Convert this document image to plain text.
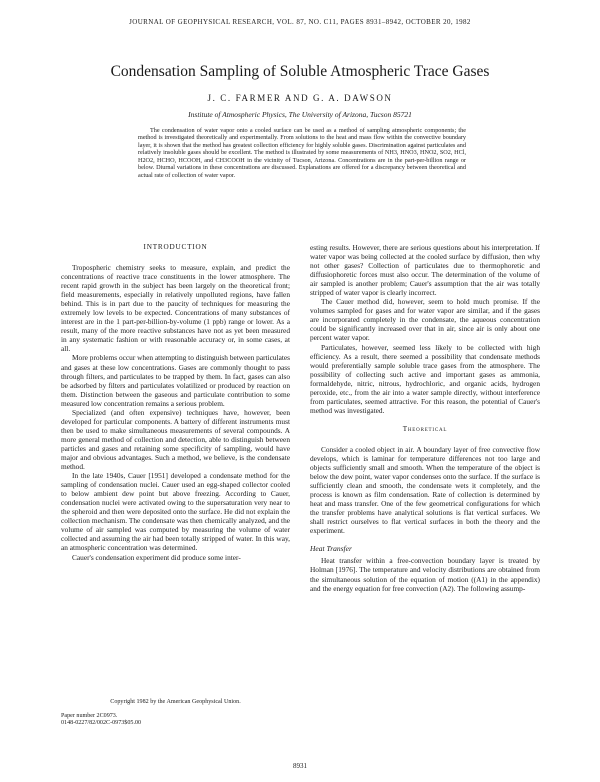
JOURNAL OF GEOPHYSICAL RESEARCH, VOL. 87, NO. C11, PAGES 8931–8942, OCTOBER 20, 1982
Condensation Sampling of Soluble Atmospheric Trace Gases
J. C. FARMER AND G. A. DAWSON
Institute of Atmospheric Physics, The University of Arizona, Tucson 85721

The condensation of water vapor onto a cooled surface can be used as a method of sampling atmospheric components; the method is investigated theoretically and experimentally. From solutions to the heat and mass flow within the convective boundary layer, it is shown that the method has greatest collection efficiency for highly soluble gases. Discrimination against particulates and relatively insoluble gases should be excellent. The method is illustrated by some measurements of NH3, HNO3, HNO2, SO2, HCl, H2O2, HCHO, HCOOH, and CH3COOH in the vicinity of Tucson, Arizona. Concentrations are in the part-per-billion range or below. Diurnal variations in these concentrations are discussed. Explanations are offered for a discrepancy between theoretical and actual rate of collection of water vapor.

INTRODUCTION

Tropospheric chemistry seeks to measure, explain, and predict the concentrations of reactive trace constituents in the lower atmosphere. The recent rapid growth in the subject has been largely on the theoretical front; field measurements, especially in relatively unpolluted regions, have fallen behind. This is in part due to the paucity of techniques for measuring the extremely low levels to be expected. Concentrations of many substances of interest are in the 1 part-per-billion-by-volume (1 ppb) range or lower. As a result, many of the more reactive substances have not as yet been measured in any systematic fashion or with reasonable accuracy or, in some cases, at all.

More problems occur when attempting to distinguish between particulates and gases at these low concentrations. Gases are commonly thought to pass through filters, and particulates to be trapped by them. In fact, gases can also be adsorbed by filters and particulates volatilized or produced by reaction on them. Distinction between the gaseous and particulate contribution to some measured low concentration remains a serious problem.

Specialized (and often expensive) techniques have, however, been developed for particular components. A battery of different instruments must then be used to make simultaneous measurements of several compounds. A more general method of collection and detection, able to distinguish between particles and gases and retaining some specificity of sampling, would have major and obvious advantages. Such a method, we believe, is the condensate method.

In the late 1940s, Cauer [1951] developed a condensate method for the sampling of condensation nuclei. Cauer used an egg-shaped collector cooled to below ambient dew point but above freezing. According to Cauer, condensation nuclei were activated owing to the supersaturation very near to the spheroid and then were deposited onto the surface. He did not explain the collection mechanism. The condensate was then chemically analyzed, and the volume of air sampled was computed by measuring the volume of water collected and assuming the air had been totally stripped of water. In this way, an atmospheric concentration was determined.

Cauer's condensation experiment did produce some inter-

esting results. However, there are serious questions about his interpretation. If water vapor was being collected at the cooled surface by diffusion, then why not other gases? Collection of particulates due to thermophoretic and diffusiophoretic forces must also occur. The determination of the volume of air sampled is another problem; Cauer's assumption that the air was totally stripped of water vapor is clearly incorrect.

The Cauer method did, however, seem to hold much promise. If the volumes sampled for gases and for water vapor are similar, and if the gases are incorporated completely in the condensate, the aqueous concentration could be significantly increased over that in air, since air is only about one percent water vapor.

Particulates, however, seemed less likely to be collected with high efficiency. As a result, there seemed a possibility that condensate methods would preferentially sample soluble trace gases from the atmosphere. The possibility of collecting such active and important gases as ammonia, formaldehyde, nitric, nitrous, hydrochloric, and organic acids, hydrogen peroxide, etc., from the air into a water sample directly, without interference from particulates, seemed attractive. For this reason, the potential of Cauer's method was investigated.

Theoretical

Consider a cooled object in air. A boundary layer of free convective flow develops, which is laminar for temperature differences not too large and objects sufficiently small and smooth. When the temperature of the object is below the dew point, water vapor condenses onto the surface. If the surface is sufficiently clean and smooth, the condensate wets it completely, and the process is known as film condensation. Rate of collection is determined by heat and mass transfer. One of the few geometrical configurations for which the transfer problems have analytical solutions is flat vertical surfaces. We shall restrict ourselves to flat vertical surfaces in both the theory and the experiment.

Heat Transfer

Heat transfer within a free-convection boundary layer is treated by Holman [1976]. The temperature and velocity distributions are obtained from the simultaneous solution of the equation of motion ((A1) in the appendix) and the energy equation for free convection (A2). The following assump-

Copyright 1982 by the American Geophysical Union.
Paper number 2C0973.
0148-0227/82/002C-0973$05.00
8931
